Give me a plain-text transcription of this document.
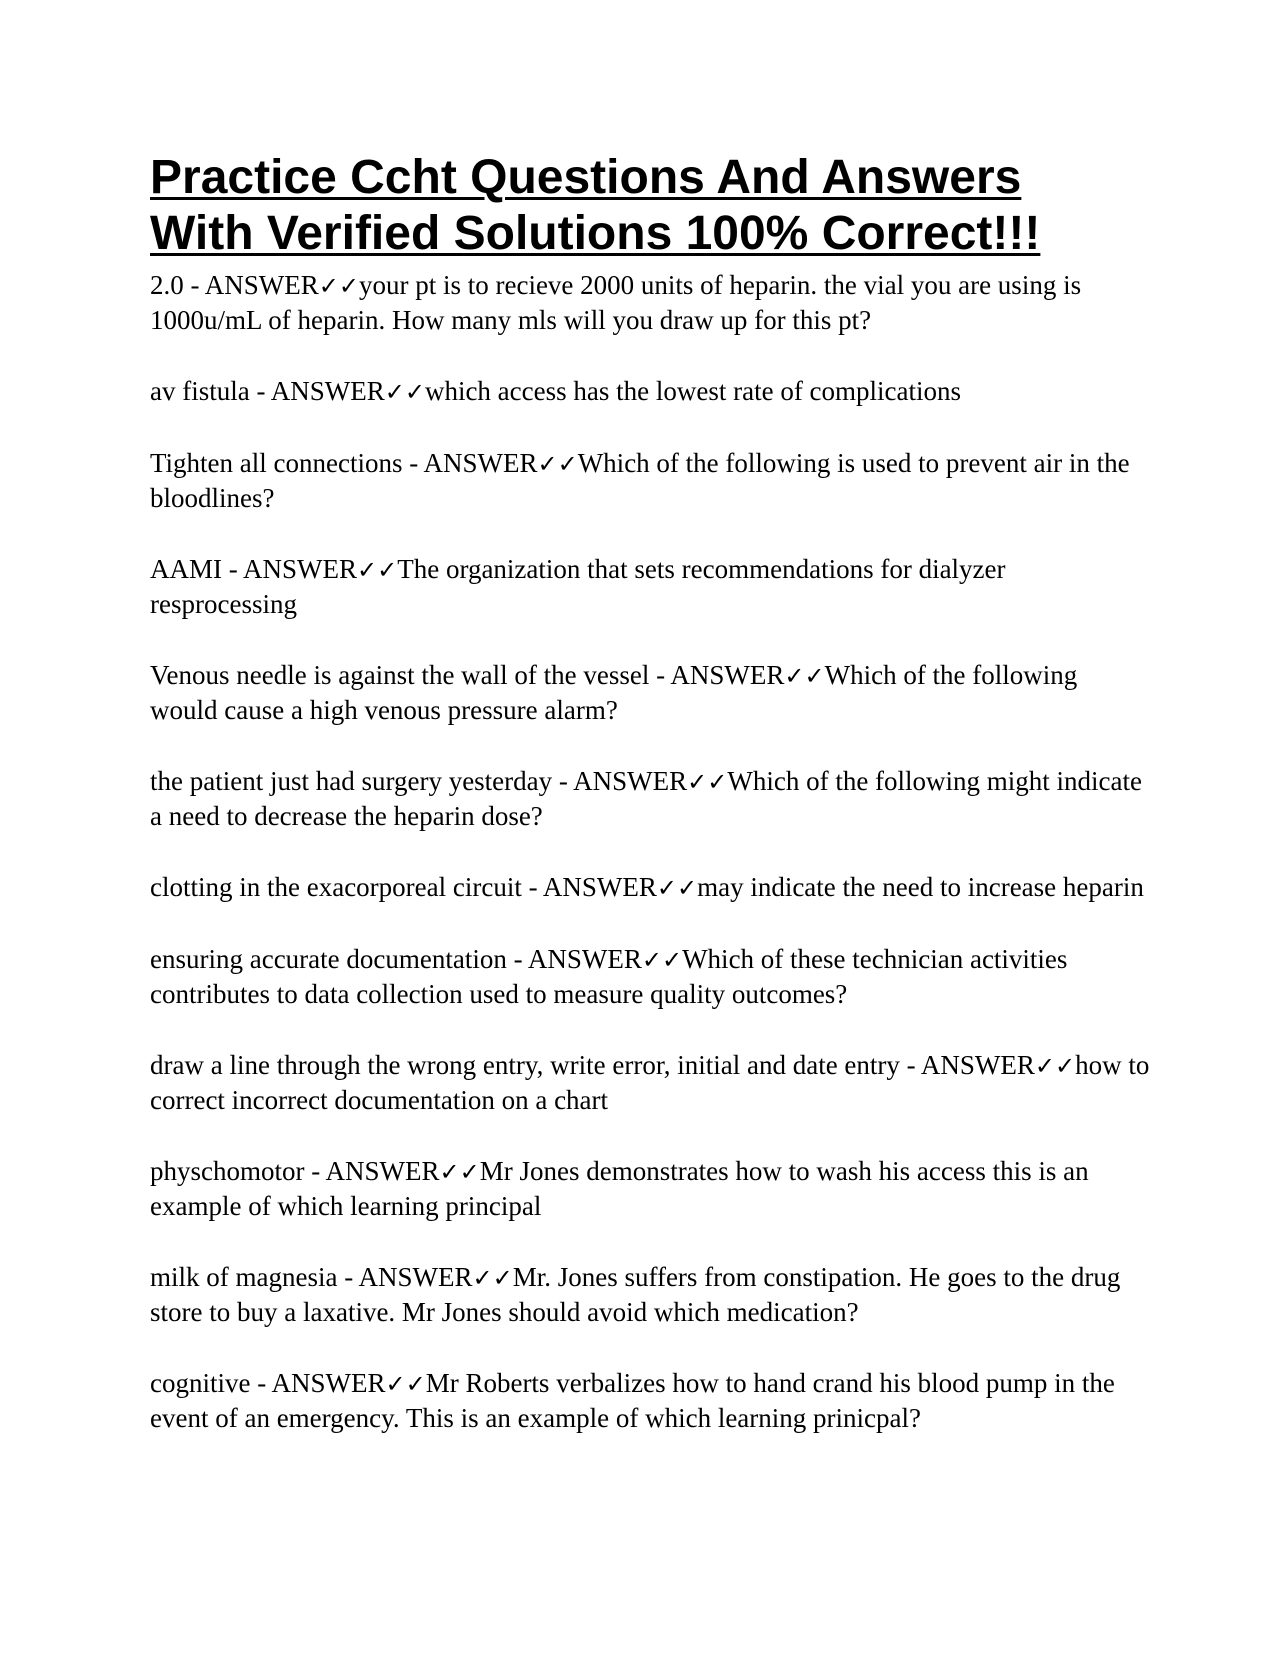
Practice Ccht Questions And Answers
With Verified Solutions 100% Correct!!!
2.0 - ANSWER✓✓your pt is to recieve 2000 units of heparin. the vial you are using is 1000u/mL of heparin. How many mls will you draw up for this pt?
av fistula - ANSWER✓✓which access has the lowest rate of complications
Tighten all connections - ANSWER✓✓Which of the following is used to prevent air in the bloodlines?
AAMI - ANSWER✓✓The organization that sets recommendations for dialyzer resprocessing
Venous needle is against the wall of the vessel - ANSWER✓✓Which of the following would cause a high venous pressure alarm?
the patient just had surgery yesterday - ANSWER✓✓Which of the following might indicate a need to decrease the heparin dose?
clotting in the exacorporeal circuit - ANSWER✓✓may indicate the need to increase heparin
ensuring accurate documentation - ANSWER✓✓Which of these technician activities contributes to data collection used to measure quality outcomes?
draw a line through the wrong entry, write error, initial and date entry - ANSWER✓✓how to correct incorrect documentation on a chart
physchomotor - ANSWER✓✓Mr Jones demonstrates how to wash his access this is an example of which learning principal
milk of magnesia - ANSWER✓✓Mr. Jones suffers from constipation. He goes to the drug store to buy a laxative. Mr Jones should avoid which medication?
cognitive - ANSWER✓✓Mr Roberts verbalizes how to hand crand his blood pump in the event of an emergency. This is an example of which learning prinicpal?
